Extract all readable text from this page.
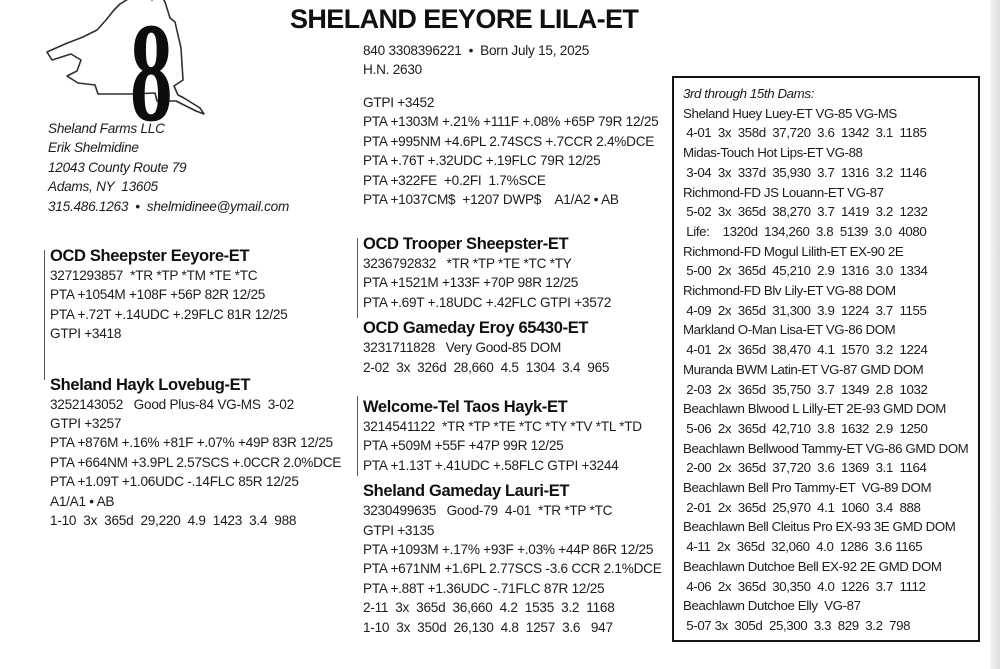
8
Sheland Farms LLC
Erik Shelmidine
12043 County Route 79
Adams, NY  13605
315.486.1263  •  shelmidinee@ymail.com
SHELAND EEYORE LILA-ET
840 3308396221  •  Born July 15, 2025
H.N. 2630
GTPI +3452
PTA +1303M +.21% +111F +.08% +65P 79R 12/25
PTA +995NM +4.6PL 2.74SCS +.7CCR 2.4%DCE
PTA +.76T +.32UDC +.19FLC 79R 12/25
PTA +322FE  +0.2FI  1.7%SCE
PTA +1037CM$  +1207 DWP$    A1/A2 • AB
OCD Sheepster Eeyore-ET
3271293857  *TR *TP *TM *TE *TC
PTA +1054M +108F +56P 82R 12/25
PTA +.72T +.14UDC +.29FLC 81R 12/25
GTPI +3418
Sheland Hayk Lovebug-ET
3252143052   Good Plus-84 VG-MS  3-02
GTPI +3257
PTA +876M +.16% +81F +.07% +49P 83R 12/25
PTA +664NM +3.9PL 2.57SCS +.0CCR 2.0%DCE
PTA +1.09T +1.06UDC -.14FLC 85R 12/25
A1/A1 • AB
1-10  3x  365d  29,220  4.9  1423  3.4  988
OCD Trooper Sheepster-ET
3236792832   *TR *TP *TE *TC *TY
PTA +1521M +133F +70P 98R 12/25
PTA +.69T +.18UDC +.42FLC GTPI +3572
OCD Gameday Eroy 65430-ET
3231711828   Very Good-85 DOM
2-02  3x  326d  28,660  4.5  1304  3.4  965
Welcome-Tel Taos Hayk-ET
3214541122  *TR *TP *TE *TC *TY *TV *TL *TD
PTA +509M +55F +47P 99R 12/25
PTA +1.13T +.41UDC +.58FLC GTPI +3244
Sheland Gameday Lauri-ET
3230499635   Good-79  4-01  *TR *TP *TC
GTPI +3135
PTA +1093M +.17% +93F +.03% +44P 86R 12/25
PTA +671NM +1.6PL 2.77SCS -3.6 CCR 2.1%DCE
PTA +.88T +1.36UDC -.71FLC 87R 12/25
2-11  3x  365d  36,660  4.2  1535  3.2  1168
1-10  3x  350d  26,130  4.8  1257  3.6   947
3rd through 15th Dams:
Sheland Huey Luey-ET VG-85 VG-MS
4-01  3x  358d  37,720  3.6  1342  3.1  1185
Midas-Touch Hot Lips-ET VG-88
3-04  3x  337d  35,930  3.7  1316  3.2  1146
Richmond-FD JS Louann-ET VG-87
5-02  3x  365d  38,270  3.7  1419  3.2  1232
Life:    1320d  134,260  3.8  5139  3.0  4080
Richmond-FD Mogul Lilith-ET EX-90 2E
5-00  2x  365d  45,210  2.9  1316  3.0  1334
Richmond-FD Blv Lily-ET VG-88 DOM
4-09  2x  365d  31,300  3.9  1224  3.7  1155
Markland O-Man Lisa-ET VG-86 DOM
4-01  2x  365d  38,470  4.1  1570  3.2  1224
Muranda BWM Latin-ET VG-87 GMD DOM
2-03  2x  365d  35,750  3.7  1349  2.8  1032
Beachlawn Blwood L Lilly-ET 2E-93 GMD DOM
5-06  2x  365d  42,710  3.8  1632  2.9  1250
Beachlawn Bellwood Tammy-ET VG-86 GMD DOM
2-00  2x  365d  37,720  3.6  1369  3.1  1164
Beachlawn Bell Pro Tammy-ET  VG-89 DOM
2-01  2x  365d  25,970  4.1  1060  3.4  888
Beachlawn Bell Cleitus Pro EX-93 3E GMD DOM
4-11  2x  365d  32,060  4.0  1286  3.6 1165
Beachlawn Dutchoe Bell EX-92 2E GMD DOM
4-06  2x  365d  30,350  4.0  1226  3.7  1112
Beachlawn Dutchoe Elly  VG-87
5-07 3x  305d  25,300  3.3  829  3.2  798
